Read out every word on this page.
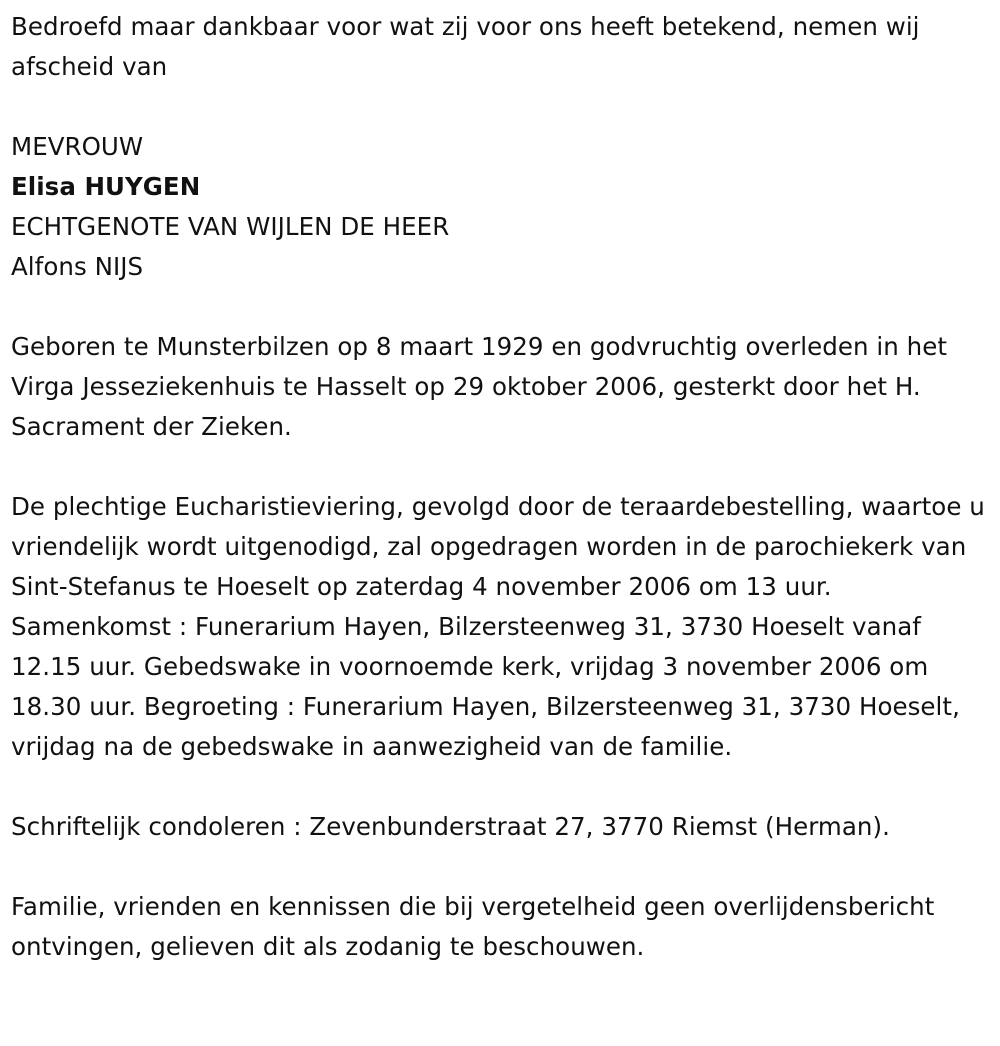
Bedroefd maar dankbaar voor wat zij voor ons heeft betekend, nemen wij afscheid van

MEVROUW

Elisa HUYGEN

ECHTGENOTE VAN WIJLEN DE HEER

Alfons NIJS

Geboren te Munsterbilzen op 8 maart 1929 en godvruchtig overleden in het Virga Jesseziekenhuis te Hasselt op 29 oktober 2006, gesterkt door het H. Sacrament der Zieken.

De plechtige Eucharistieviering, gevolgd door de teraardebestelling, waartoe u vriendelijk wordt uitgenodigd, zal opgedragen worden in de parochiekerk van Sint-Stefanus te Hoeselt op zaterdag 4 november 2006 om 13 uur. Samenkomst : Funerarium Hayen, Bilzersteenweg 31, 3730 Hoeselt vanaf 12.15 uur. Gebedswake in voornoemde kerk, vrijdag 3 november 2006 om 18.30 uur. Begroeting : Funerarium Hayen, Bilzersteenweg 31, 3730 Hoeselt, vrijdag na de gebedswake in aanwezigheid van de familie.

Schriftelijk condoleren : Zevenbunderstraat 27, 3770 Riemst (Herman).

Familie, vrienden en kennissen die bij vergetelheid geen overlijdensbericht ontvingen, gelieven dit als zodanig te beschouwen.
